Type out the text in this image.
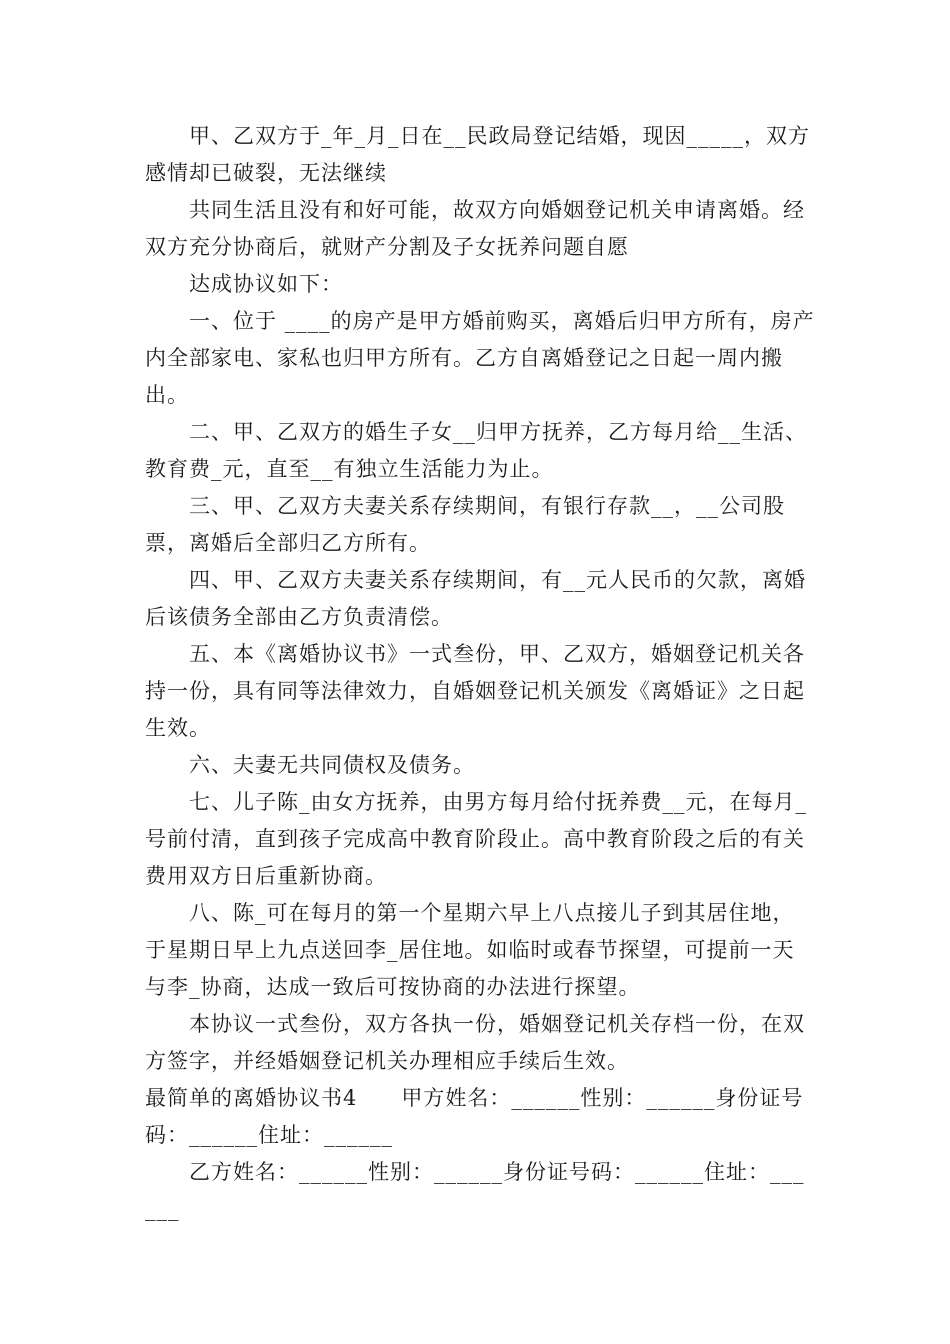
甲、乙双方于_年_月_日在__民政局登记结婚，现因_____，双方感情却已破裂，无法继续

共同生活且没有和好可能，故双方向婚姻登记机关申请离婚。经双方充分协商后，就财产分割及子女抚养问题自愿

达成协议如下：

一、位于 ____的房产是甲方婚前购买，离婚后归甲方所有，房产内全部家电、家私也归甲方所有。乙方自离婚登记之日起一周内搬出。

二、甲、乙双方的婚生子女__归甲方抚养，乙方每月给__生活、教育费_元，直至__有独立生活能力为止。

三、甲、乙双方夫妻关系存续期间，有银行存款__，__公司股票，离婚后全部归乙方所有。

四、甲、乙双方夫妻关系存续期间，有__元人民币的欠款，离婚后该债务全部由乙方负责清偿。

五、本《离婚协议书》一式叁份，甲、乙双方，婚姻登记机关各持一份，具有同等法律效力，自婚姻登记机关颁发《离婚证》之日起生效。

六、夫妻无共同债权及债务。

七、儿子陈_由女方抚养，由男方每月给付抚养费__元，在每月_号前付清，直到孩子完成高中教育阶段止。高中教育阶段之后的有关费用双方日后重新协商。

八、陈_可在每月的第一个星期六早上八点接儿子到其居住地，于星期日早上九点送回李_居住地。如临时或春节探望，可提前一天与李_协商，达成一致后可按协商的办法进行探望。

本协议一式叁份，双方各执一份，婚姻登记机关存档一份，在双方签字，并经婚姻登记机关办理相应手续后生效。

最简单的离婚协议书4　　甲方姓名：______性别：______身份证号码：______住址：______

乙方姓名：______性别：______身份证号码：______住址：______
